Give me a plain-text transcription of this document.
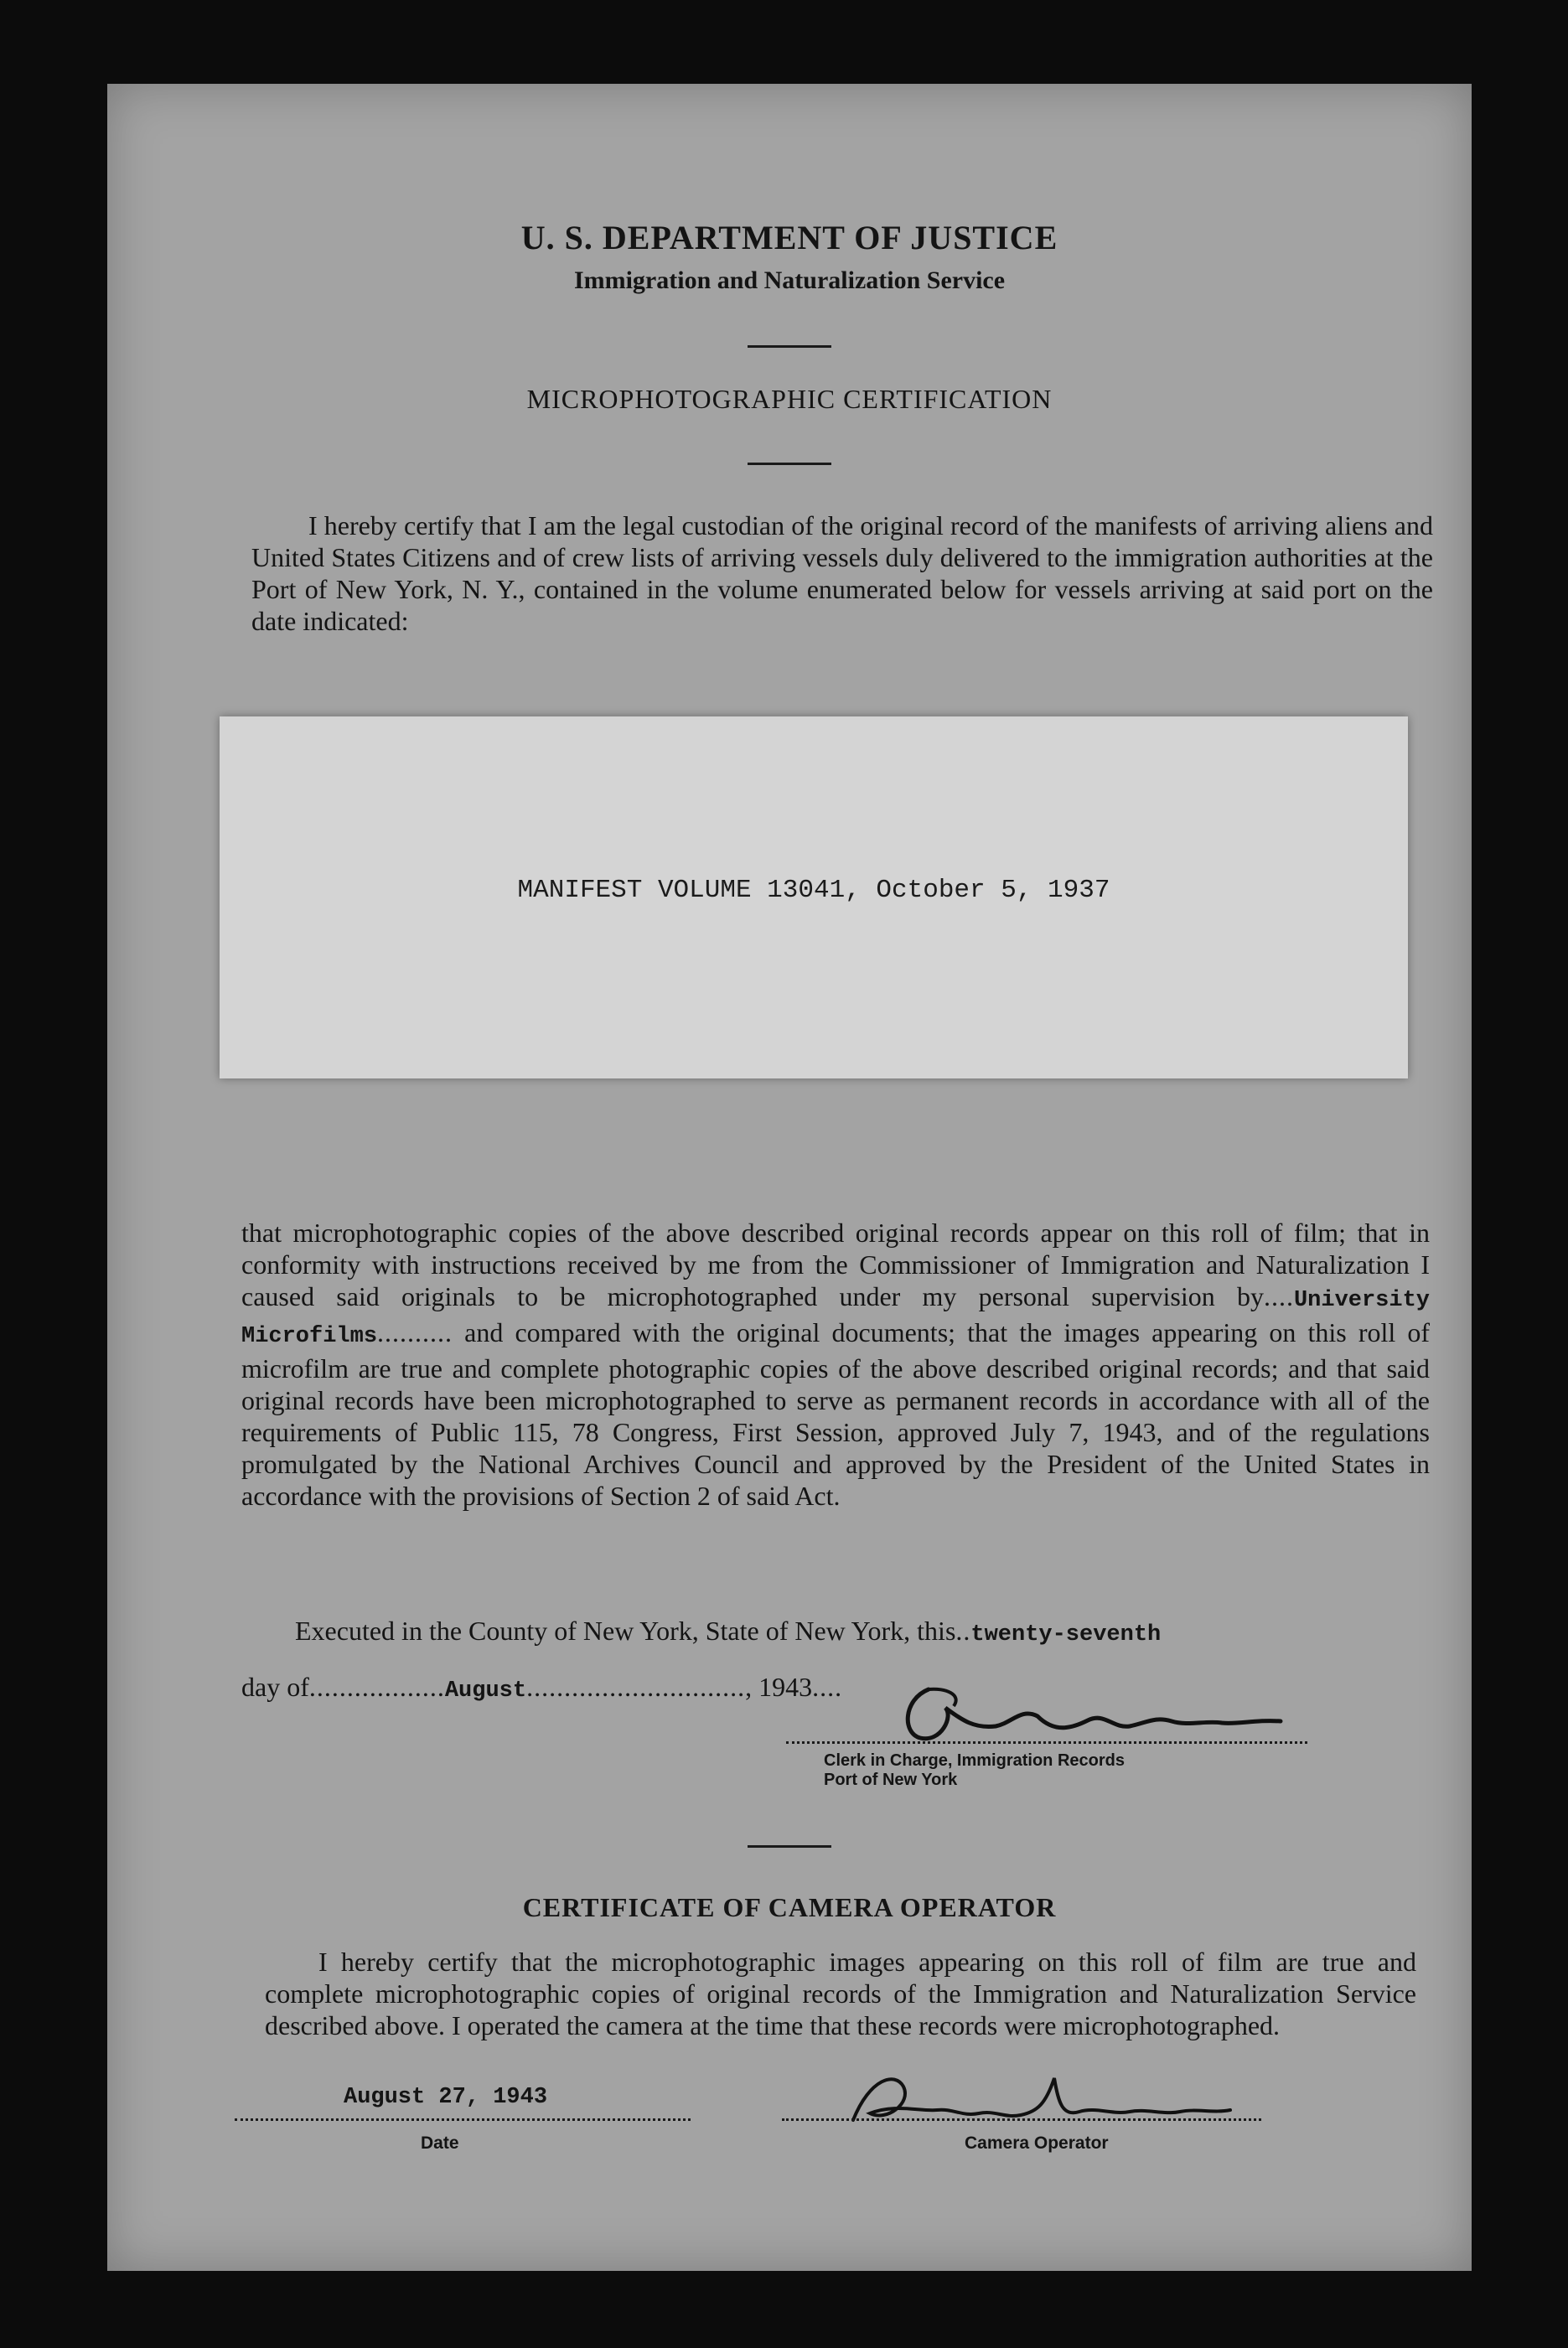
U. S. DEPARTMENT OF JUSTICE
Immigration and Naturalization Service
MICROPHOTOGRAPHIC CERTIFICATION
I hereby certify that I am the legal custodian of the original record of the manifests of arriving aliens and United States Citizens and of crew lists of arriving vessels duly delivered to the immigration authorities at the Port of New York, N. Y., contained in the volume enumerated below for vessels arriving at said port on the date indicated:
MANIFEST VOLUME 13041, October 5, 1937
that microphotographic copies of the above described original records appear on this roll of film; that in conformity with instructions received by me from the Commissioner of Immigration and Naturalization I caused said originals to be microphotographed under my personal supervision by....University Microfilms.......... and compared with the original documents; that the images appearing on this roll of microfilm are true and complete photographic copies of the above described original records; and that said original records have been microphotographed to serve as permanent records in accordance with all of the requirements of Public 115, 78 Congress, First Session, approved July 7, 1943, and of the regulations promulgated by the National Archives Council and approved by the President of the United States in accordance with the provisions of Section 2 of said Act.
Executed in the County of New York, State of New York, this..twenty-seventh
day of..................August............................., 1943....
Clerk in Charge, Immigration Records
Port of New York
CERTIFICATE OF CAMERA OPERATOR
I hereby certify that the microphotographic images appearing on this roll of film are true and complete microphotographic copies of original records of the Immigration and Naturalization Service described above. I operated the camera at the time that these records were microphotographed.
August 27, 1943
Date	Camera Operator
